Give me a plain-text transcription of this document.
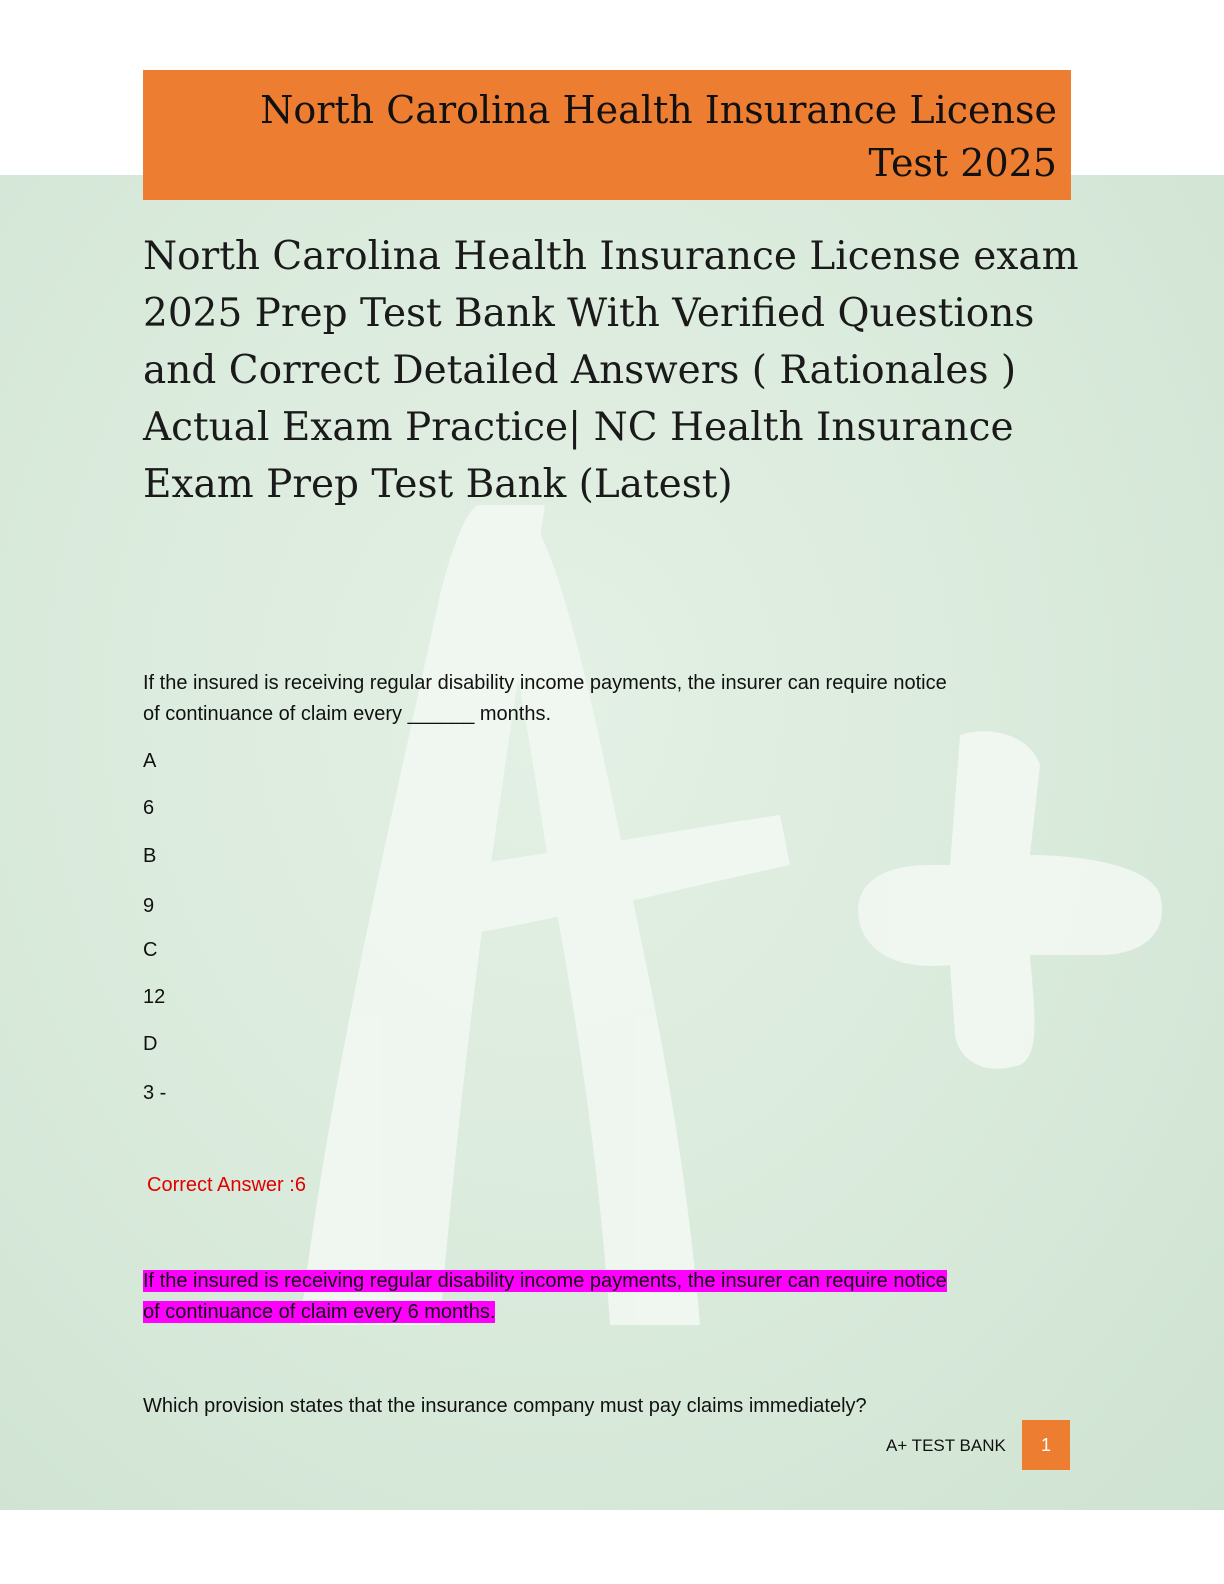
North Carolina Health Insurance License
Test 2025
North Carolina Health Insurance License exam
2025 Prep Test Bank With Verified Questions
and Correct Detailed Answers ( Rationales )
Actual Exam Practice| NC Health Insurance
Exam Prep Test Bank (Latest)
If the insured is receiving regular disability income payments, the insurer can require notice
of continuance of claim every ______ months.
A
6
B
9
C
12
D
3 -
Correct Answer :6
If the insured is receiving regular disability income payments, the insurer can require notice
of continuance of claim every 6 months.
Which provision states that the insurance company must pay claims immediately?
A+ TEST BANK	1
